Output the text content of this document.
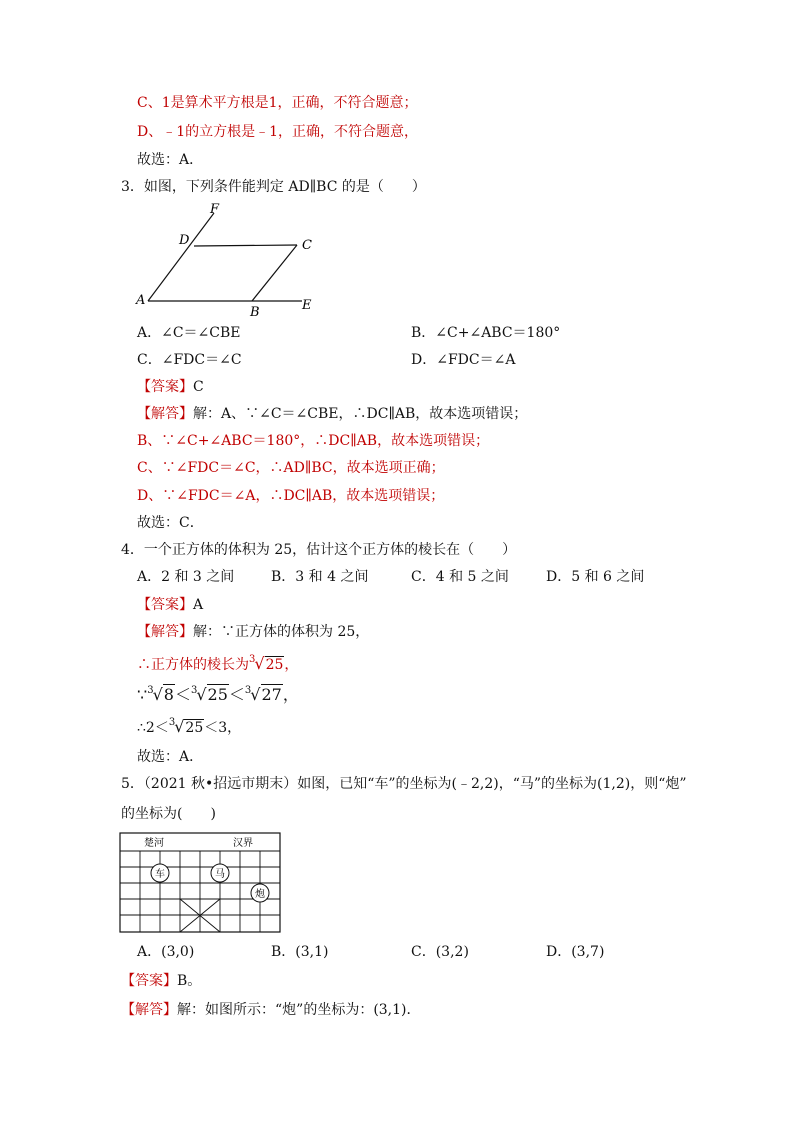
C、1是算术平方根是1，正确，不符合题意；
D、﹣1的立方根是﹣1，正确，不符合题意，
故选：A．
3．如图，下列条件能判定 AD∥BC 的是（　　）
F
D	C
A
B	E
A．∠C＝∠CBE	B．∠C+∠ABC＝180°
C．∠FDC＝∠C	D．∠FDC＝∠A
【答案】C
【解答】解：A、∵∠C＝∠CBE，∴DC∥AB，故本选项错误；
B、∵∠C+∠ABC＝180°，∴DC∥AB，故本选项错误；
C、∵∠FDC＝∠C，∴AD∥BC，故本选项正确；
D、∵∠FDC＝∠A，∴DC∥AB，故本选项错误；
故选：C．
4．一个正方体的体积为 25，估计这个正方体的棱长在（　　）
A．2 和 3 之间	B．3 和 4 之间	C．4 和 5 之间	D．5 和 6 之间
【答案】A
【解答】解：∵正方体的体积为 25，
∴正方体的棱长为$^3$√25，
∵$^3$√8＜$^3$√25＜$^3$√27，
∴2＜$^3$√25＜3，
故选：A．
5．（2021 秋•招远市期末）如图，已知“车”的坐标为(﹣2,2)，“马”的坐标为(1,2)，则“炮”
的坐标为(　　)
楚河	汉界
车	马
炮
A．(3,0)	B．(3,1)	C．(3,2)	D．(3,7)
【答案】B。
【解答】解：如图所示：“炮”的坐标为：(3,1)．
